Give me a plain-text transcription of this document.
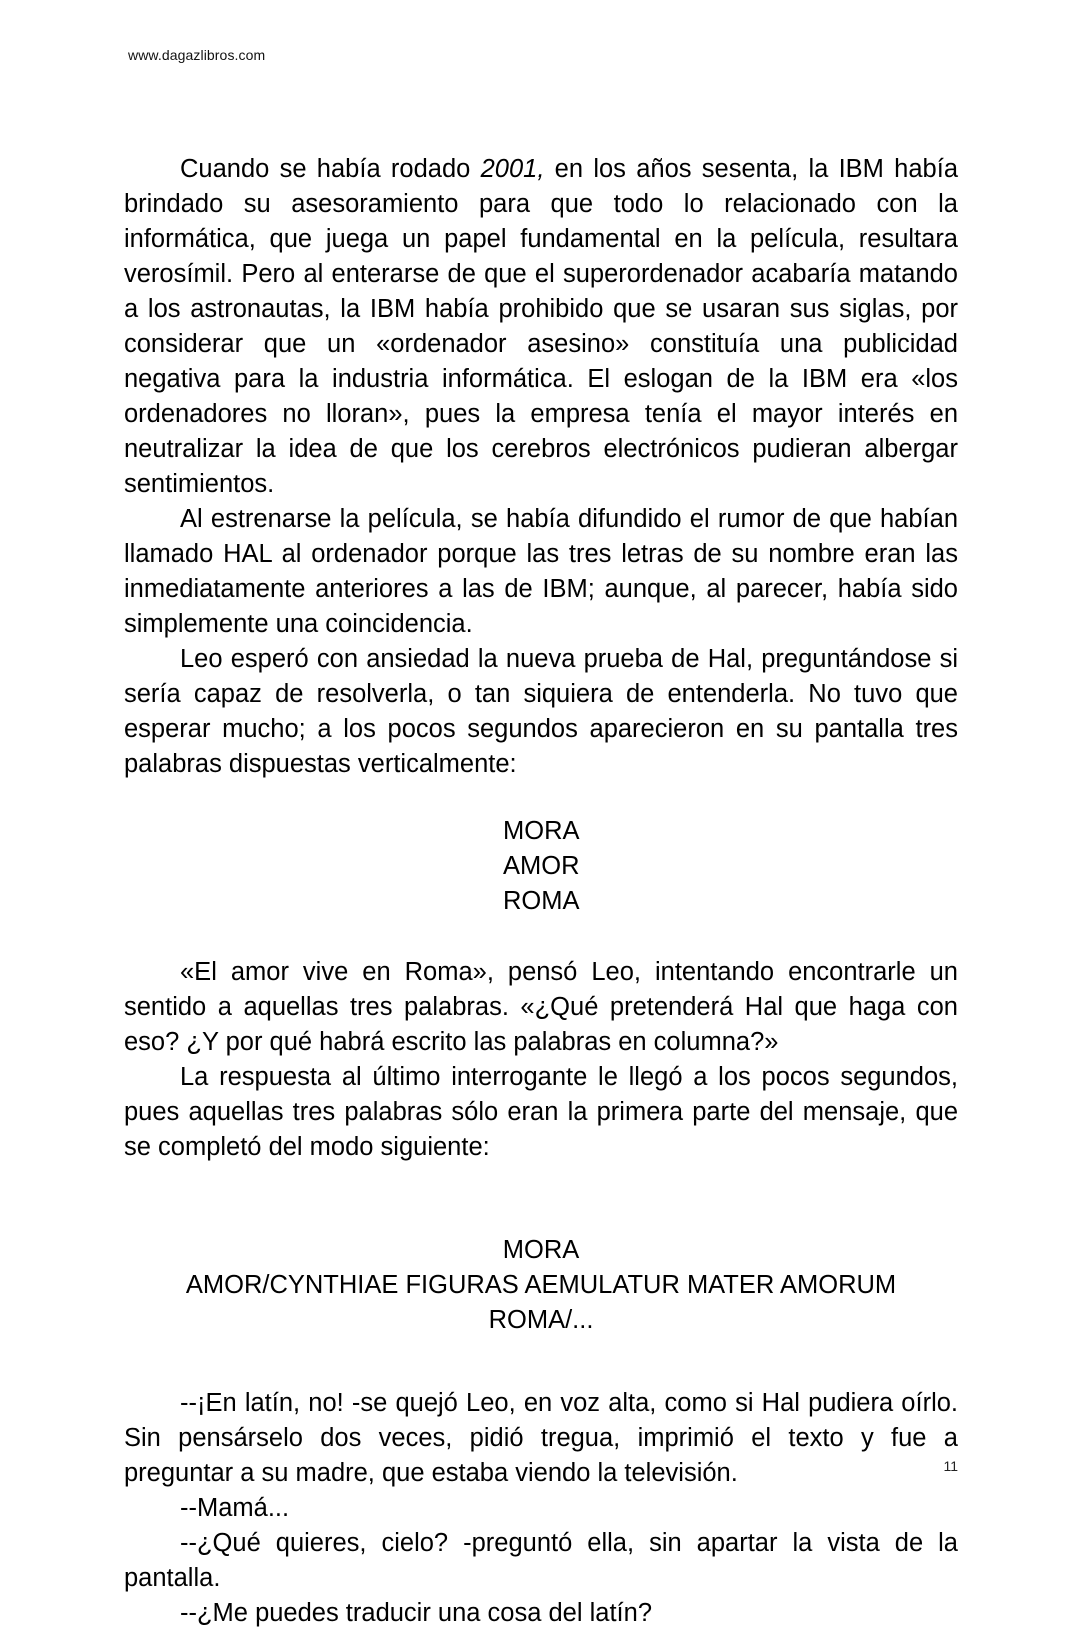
www.dagazlibros.com

Cuando se había rodado 2001, en los años sesenta, la IBM había brindado su asesoramiento para que todo lo relacionado con la informática, que juega un papel fundamental en la película, resultara verosímil. Pero al enterarse de que el superordenador acabaría matando a los astronautas, la IBM había prohibido que se usaran sus siglas, por considerar que un «ordenador asesino» constituía una publicidad negativa para la industria informática. El eslogan de la IBM era «los ordenadores no lloran», pues la empresa tenía el mayor interés en neutralizar la idea de que los cerebros electrónicos pudieran albergar sentimientos.

Al estrenarse la película, se había difundido el rumor de que habían llamado HAL al ordenador porque las tres letras de su nombre eran las inmediatamente anteriores a las de IBM; aunque, al parecer, había sido simplemente una coincidencia.

Leo esperó con ansiedad la nueva prueba de Hal, preguntándose si sería capaz de resolverla, o tan siquiera de entenderla. No tuvo que esperar mucho; a los pocos segundos aparecieron en su pantalla tres palabras dispuestas verticalmente:

MORA
AMOR
ROMA

«El amor vive en Roma», pensó Leo, intentando encontrarle un sentido a aquellas tres palabras. «¿Qué pretenderá Hal que haga con eso? ¿Y por qué habrá escrito las palabras en columna?»

La respuesta al último interrogante le llegó a los pocos segundos, pues aquellas tres palabras sólo eran la primera parte del mensaje, que se completó del modo siguiente:

MORA
AMOR/CYNTHIAE FIGURAS AEMULATUR MATER AMORUM
ROMA/...

--¡En latín, no! -se quejó Leo, en voz alta, como si Hal pudiera oírlo. Sin pensárselo dos veces, pidió tregua, imprimió el texto y fue a preguntar a su madre, que estaba viendo la televisión.

--Mamá...

--¿Qué quieres, cielo? -preguntó ella, sin apartar la vista de la pantalla.

--¿Me puedes traducir una cosa del latín?

11
